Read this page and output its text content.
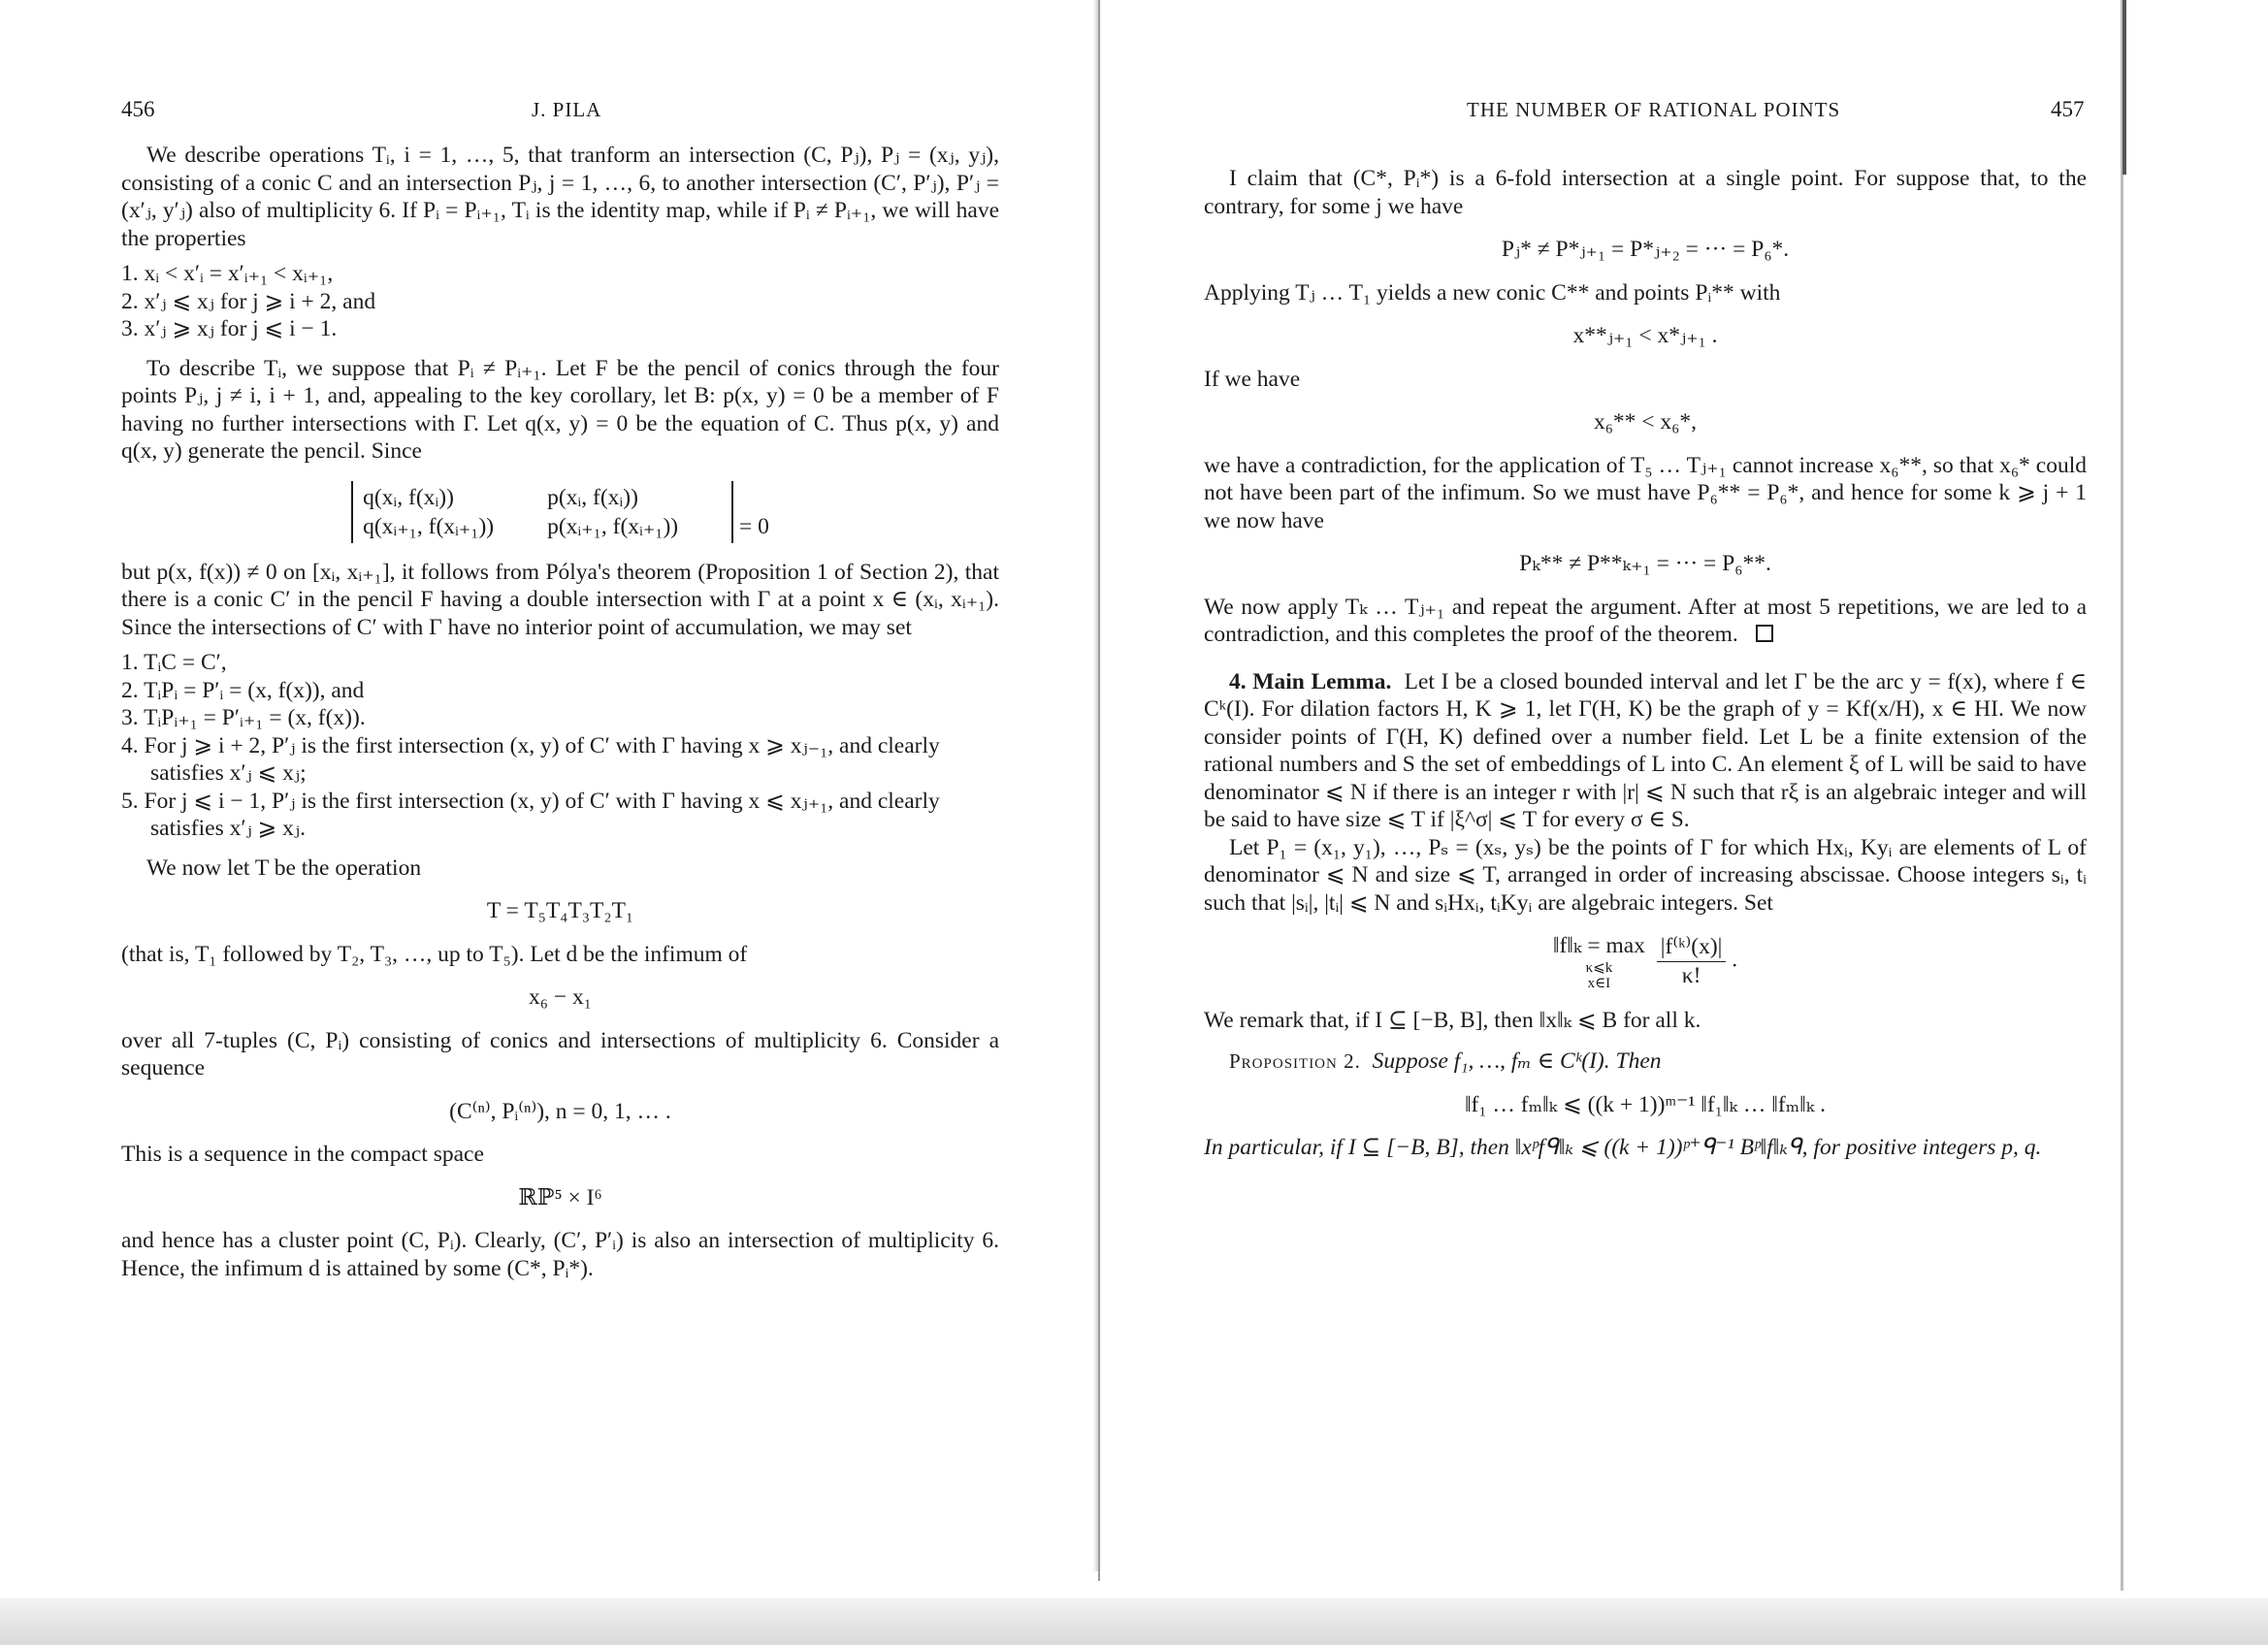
456	J. PILA	THE NUMBER OF RATIONAL POINTS	457

We describe operations Tᵢ, i = 1, …, 5, that tranform an intersection (C, Pⱼ), Pⱼ = (xⱼ, yⱼ), consisting of a conic C and an intersection Pⱼ, j = 1, …, 6, to another intersection (C′, P′ⱼ), P′ⱼ = (x′ⱼ, y′ⱼ) also of multiplicity 6. If Pᵢ = Pᵢ₊₁, Tᵢ is the identity map, while if Pᵢ ≠ Pᵢ₊₁, we will have the properties

1. xᵢ < x′ᵢ = x′ᵢ₊₁ < xᵢ₊₁,
2. x′ⱼ ⩽ xⱼ for j ⩾ i + 2, and
3. x′ⱼ ⩾ xⱼ for j ⩽ i − 1.

To describe Tᵢ, we suppose that Pᵢ ≠ Pᵢ₊₁. Let F be the pencil of conics through the four points Pⱼ, j ≠ i, i + 1, and, appealing to the key corollary, let B: p(x, y) = 0 be a member of F having no further intersections with Γ. Let q(x, y) = 0 be the equation of C. Thus p(x, y) and q(x, y) generate the pencil. Since

q(xᵢ, f(xᵢ))	p(xᵢ, f(xᵢ))
q(xᵢ₊₁, f(xᵢ₊₁)) p(xᵢ₊₁, f(xᵢ₊₁))	= 0

but p(x, f(x)) ≠ 0 on [xᵢ, xᵢ₊₁], it follows from Pólya's theorem (Proposition 1 of Section 2), that there is a conic C′ in the pencil F having a double intersection with Γ at a point x ∈ (xᵢ, xᵢ₊₁). Since the intersections of C′ with Γ have no interior point of accumulation, we may set

1. TᵢC = C′,
2. TᵢPᵢ = P′ᵢ = (x, f(x)), and
3. TᵢPᵢ₊₁ = P′ᵢ₊₁ = (x, f(x)).
4. For j ⩾ i + 2, P′ⱼ is the first intersection (x, y) of C′ with Γ having x ⩾ xⱼ₋₁, and clearly satisfies x′ⱼ ⩽ xⱼ;
5. For j ⩽ i − 1, P′ⱼ is the first intersection (x, y) of C′ with Γ having x ⩽ xⱼ₊₁, and clearly satisfies x′ⱼ ⩾ xⱼ.

We now let T be the operation

T = T₅T₄T₃T₂T₁

(that is, T₁ followed by T₂, T₃, …, up to T₅). Let d be the infimum of

x₆ − x₁

over all 7-tuples (C, Pᵢ) consisting of conics and intersections of multiplicity 6. Consider a sequence

(C⁽ⁿ⁾, Pᵢ⁽ⁿ⁾), n = 0, 1, … .

This is a sequence in the compact space

ℝℙ⁵ × I⁶

and hence has a cluster point (C, Pᵢ). Clearly, (C′, P′ᵢ) is also an intersection of multiplicity 6. Hence, the infimum d is attained by some (C*, Pᵢ*).

I claim that (C*, Pᵢ*) is a 6-fold intersection at a single point. For suppose that, to the contrary, for some j we have

Pⱼ* ≠ P*ⱼ₊₁ = P*ⱼ₊₂ = ··· = P₆*.

Applying Tⱼ … T₁ yields a new conic C** and points Pᵢ** with

x**ⱼ₊₁ < x*ⱼ₊₁ .

If we have

x₆** < x₆*,

we have a contradiction, for the application of T₅ … Tⱼ₊₁ cannot increase x₆**, so that x₆* could not have been part of the infimum. So we must have P₆** = P₆*, and hence for some k ⩾ j + 1 we now have

Pₖ** ≠ P**ₖ₊₁ = ··· = P₆**.

We now apply Tₖ … Tⱼ₊₁ and repeat the argument. After at most 5 repetitions, we are led to a contradiction, and this completes the proof of the theorem.

4. Main Lemma. Let I be a closed bounded interval and let Γ be the arc y = f(x), where f ∈ Cᵏ(I). For dilation factors H, K ⩾ 1, let Γ(H, K) be the graph of y = Kf(x/H), x ∈ HI. We now consider points of Γ(H, K) defined over a number field. Let L be a finite extension of the rational numbers and S the set of embeddings of L into C. An element ξ of L will be said to have denominator ⩽ N if there is an integer r with |r| ⩽ N such that rξ is an algebraic integer and will be said to have size ⩽ T if |ξ^σ| ⩽ T for every σ ∈ S.

Let P₁ = (x₁, y₁), …, Pₛ = (xₛ, yₛ) be the points of Γ for which Hxᵢ, Kyᵢ are elements of L of denominator ⩽ N and size ⩽ T, arranged in order of increasing abscissae. Choose integers sᵢ, tᵢ such that |sᵢ|, |tᵢ| ⩽ N and sᵢHxᵢ, tᵢKyᵢ are algebraic integers. Set

‖f‖ₖ = max
κ⩽k
x∈I
	$\frac{\text{|f⁽ᵏ⁾(x)|}}{\kappa!}$ .

We remark that, if I ⊆ [−B, B], then ‖x‖ₖ ⩽ B for all k.

Proposition 2. Suppose f₁, …, fₘ ∈ Cᵏ(I). Then

‖f₁ … fₘ‖ₖ ⩽ ((k + 1))ᵐ⁻¹ ‖f₁‖ₖ … ‖fₘ‖ₖ .

In particular, if I ⊆ [−B, B], then ‖xᵖfᑫ‖ₖ ⩽ ((k + 1))ᵖ⁺ᑫ⁻¹ Bᵖ‖f‖ₖᑫ, for positive integers p, q.
